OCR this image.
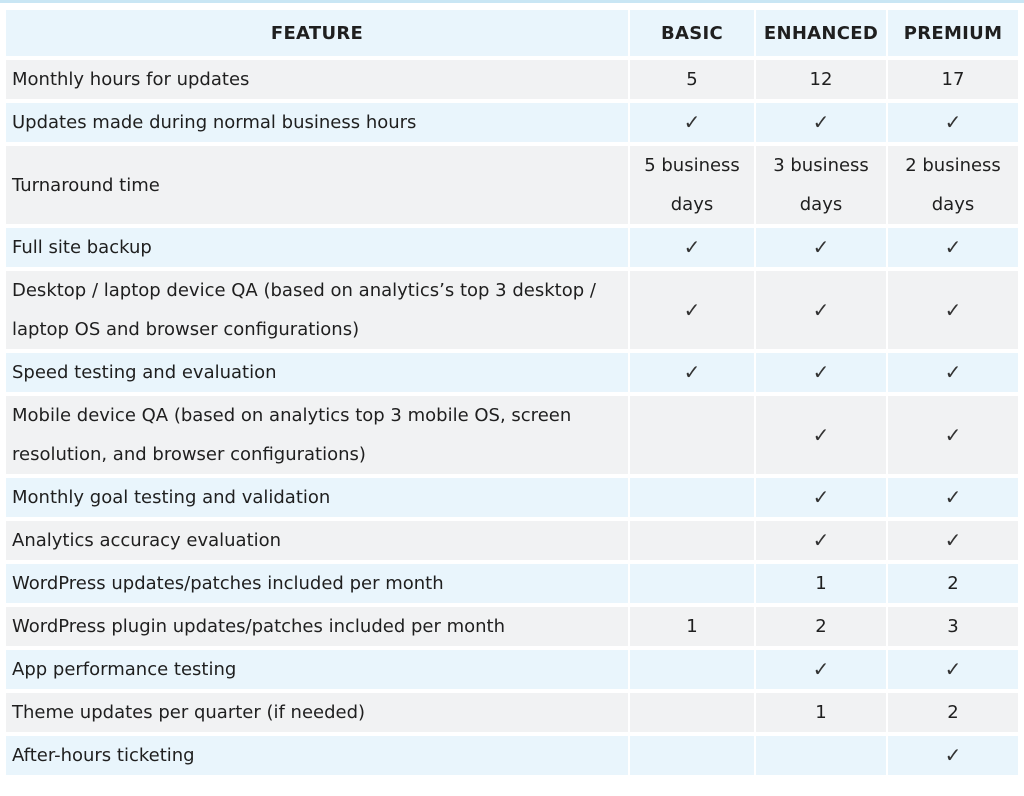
FEATURE	BASIC	ENHANCED	PREMIUM
Monthly hours for updates	5	12	17
Updates made during normal business hours	✓	✓	✓
Turnaround time	5 business days	3 business days	2 business days
Full site backup	✓	✓	✓
Desktop / laptop device QA (based on analytics’s top 3 desktop / laptop OS and browser configurations)	✓	✓	✓
Speed testing and evaluation	✓	✓	✓
Mobile device QA (based on analytics top 3 mobile OS, screen resolution, and browser configurations)		✓	✓
Monthly goal testing and validation		✓	✓
Analytics accuracy evaluation		✓	✓
WordPress updates/patches included per month		1	2
WordPress plugin updates/patches included per month	1	2	3
App performance testing		✓	✓
Theme updates per quarter (if needed)		1	2
After-hours ticketing			✓
